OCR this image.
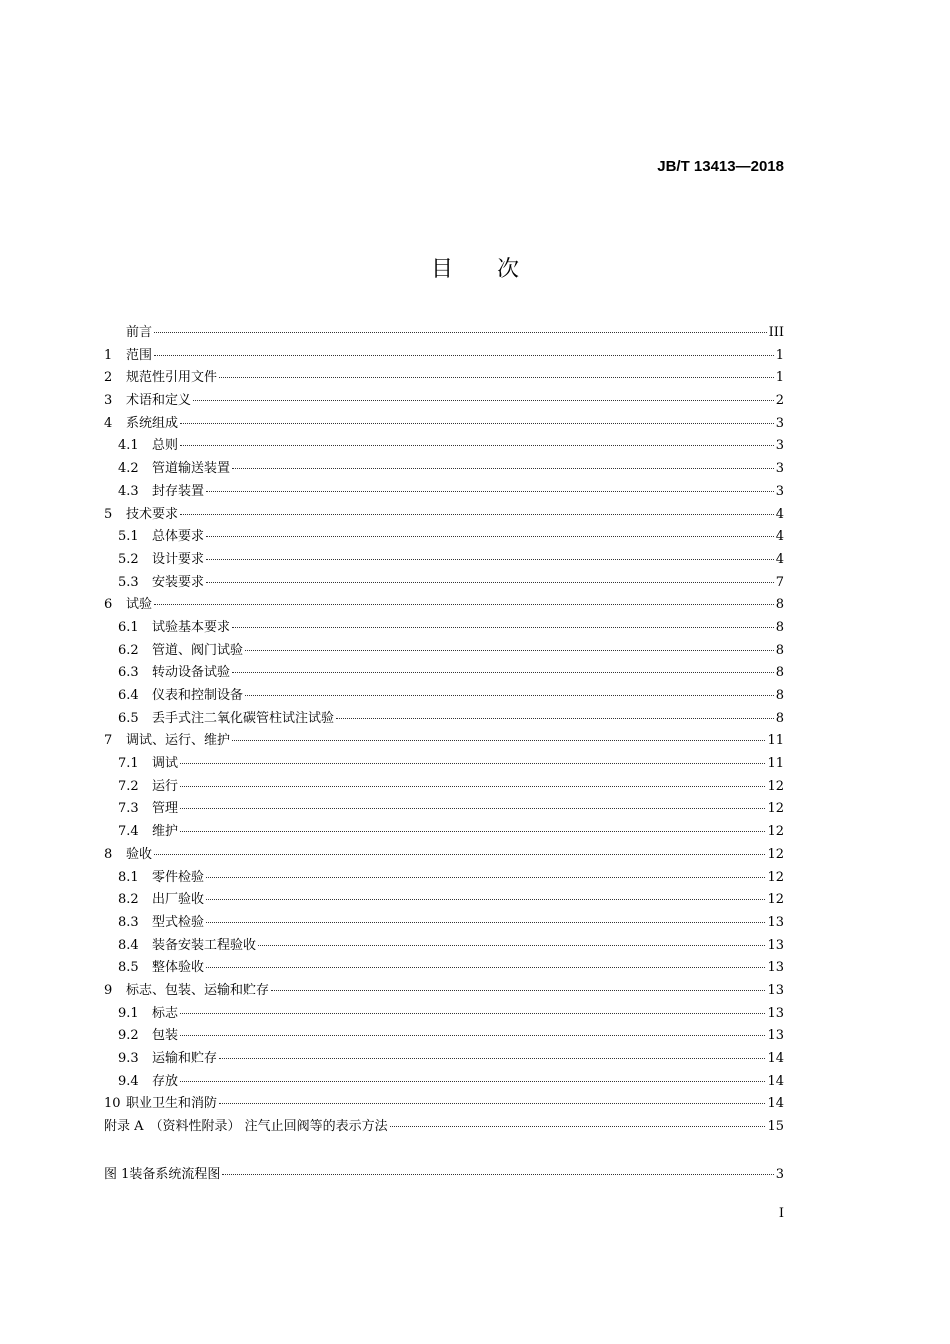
JB/T 13413—2018
目次
前言	III
1	范围	1
2	规范性引用文件	1
3	术语和定义	2
4	系统组成	3
4.1	总则	3
4.2	管道输送装置	3
4.3	封存装置	3
5	技术要求	4
5.1	总体要求	4
5.2	设计要求	4
5.3	安装要求	7
6	试验	8
6.1	试验基本要求	8
6.2	管道、阀门试验	8
6.3	转动设备试验	8
6.4	仪表和控制设备	8
6.5	丢手式注二氧化碳管柱试注试验	8
7	调试、运行、维护	11
7.1	调试	11
7.2	运行	12
7.3	管理	12
7.4	维护	12
8	验收	12
8.1	零件检验	12
8.2	出厂验收	12
8.3	型式检验	13
8.4	装备安装工程验收	13
8.5	整体验收	13
9	标志、包装、运输和贮存	13
9.1	标志	13
9.2	包装	13
9.3	运输和贮存	14
9.4	存放	14
10 职业卫生和消防	14
附录 A （资料性附录） 注气止回阀等的表示方法	15
图 1 装备系统流程图	3
I
